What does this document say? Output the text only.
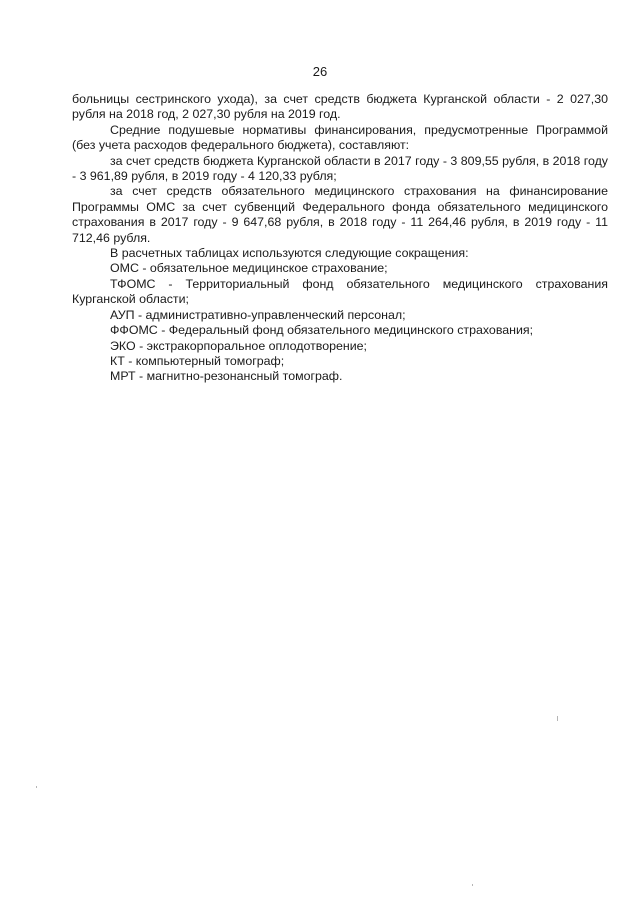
26

больницы сестринского ухода), за счет средств бюджета Курганской области - 2 027,30 рубля на 2018 год, 2 027,30 рубля на 2019 год.

Средние подушевые нормативы финансирования, предусмотренные Программой (без учета расходов федерального бюджета), составляют:

за счет средств бюджета Курганской области в 2017 году - 3 809,55 рубля, в 2018 году - 3 961,89 рубля, в 2019 году - 4 120,33 рубля;

за счет средств обязательного медицинского страхования на финансирование Программы ОМС за счет субвенций Федерального фонда обязательного медицинского страхования в 2017 году - 9 647,68 рубля, в 2018 году - 11 264,46 рубля, в 2019 году - 11 712,46 рубля.

В расчетных таблицах используются следующие сокращения:

ОМС - обязательное медицинское страхование;

ТФОМС - Территориальный фонд обязательного медицинского страхования Курганской области;

АУП - административно-управленческий персонал;

ФФОМС - Федеральный фонд обязательного медицинского страхования;

ЭКО - экстракорпоральное оплодотворение;

КТ - компьютерный томограф;

МРТ - магнитно-резонансный томограф.
